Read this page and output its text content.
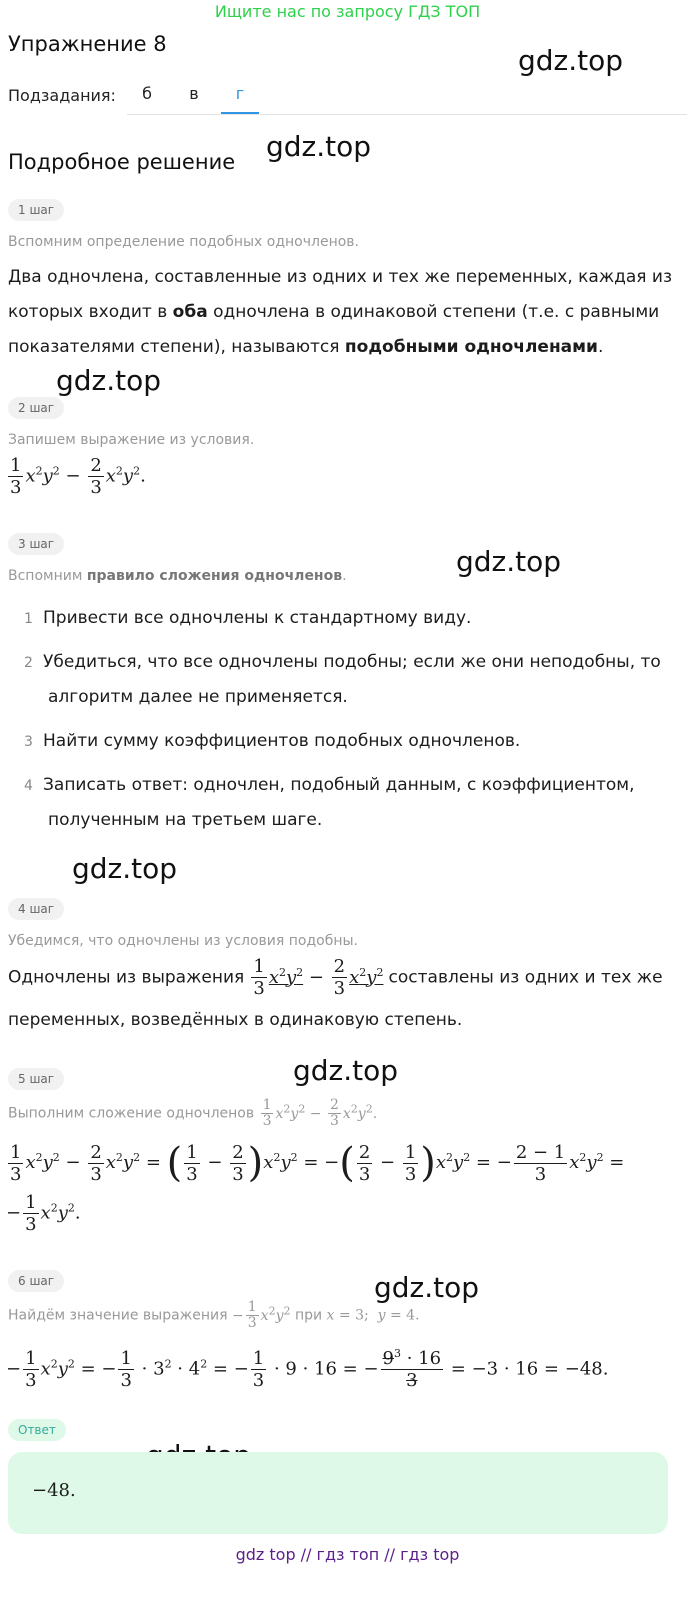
Ищите нас по запросу ГДЗ ТОП
Упражнение 8	gdz.top
gdz.top
gdz.top
gdz.top
gdz.top
gdz.top
gdz.top
Подзадания:	б	в	г
Подробное решение
1 шаг
Вспомним определение подобных одночленов.
Два одночлена, составленные из одних и тех же переменных, каждая из
которых входит в оба одночлена в одинаковой степени (т.е. с равными
показателями степени), называются подобными одночленами.
2 шаг
Запишем выражение из условия.
$\frac{1}{3} x^2y^2 - \frac{2}{3} x^2y^2$.
3 шаг
Вспомним правило сложения одночленов.
1 Привести все одночлены к стандартному виду.
2 Убедиться, что все одночлены подобны; если же они неподобны, то
алгоритм далее не применяется.
3 Найти сумму коэффициентов подобных одночленов.
4 Записать ответ: одночлен, подобный данным, с коэффициентом,
полученным на третьем шаге.
4 шаг
Убедимся, что одночлены из условия подобны.
Одночлены из выражения $\frac{1}{3} x^2y^2 - \frac{2}{3} x^2y^2$ составлены из одних и тех же
переменных, возведённых в одинаковую степень.
5 шаг
Выполним сложение одночленов $\frac{1}{3} x^2y^2 - \frac{2}{3} x^2y^2$.
$\frac{1}{3} x^2y^2 - \frac{2}{3} x^2y^2$ = ( $\frac{1}{3} - \frac{2}{3} )x^2y^2$ = −( $\frac{2}{3} - \frac{1}{3} )x^2y^2$ = − $\frac{2 - 1}{3} x^2y^2$ =
− $\frac{1}{3} x^2y^2$.
6 шаг
Найдём значение выражения − $\frac{1}{3} x^2y^2$ при x = 3;  y = 4.
− $\frac{1}{3} x^2y^2$ = − $\frac{1}{3} \cdot 3^2 \cdot 4^2$ = − $\frac{1}{3} \cdot 9 \cdot 16$ = − $\frac{9^3 \cdot 16}{3} = -3 \cdot 16 = -48$.
Ответ
−48.
gdz top // гдз топ // гдз top
